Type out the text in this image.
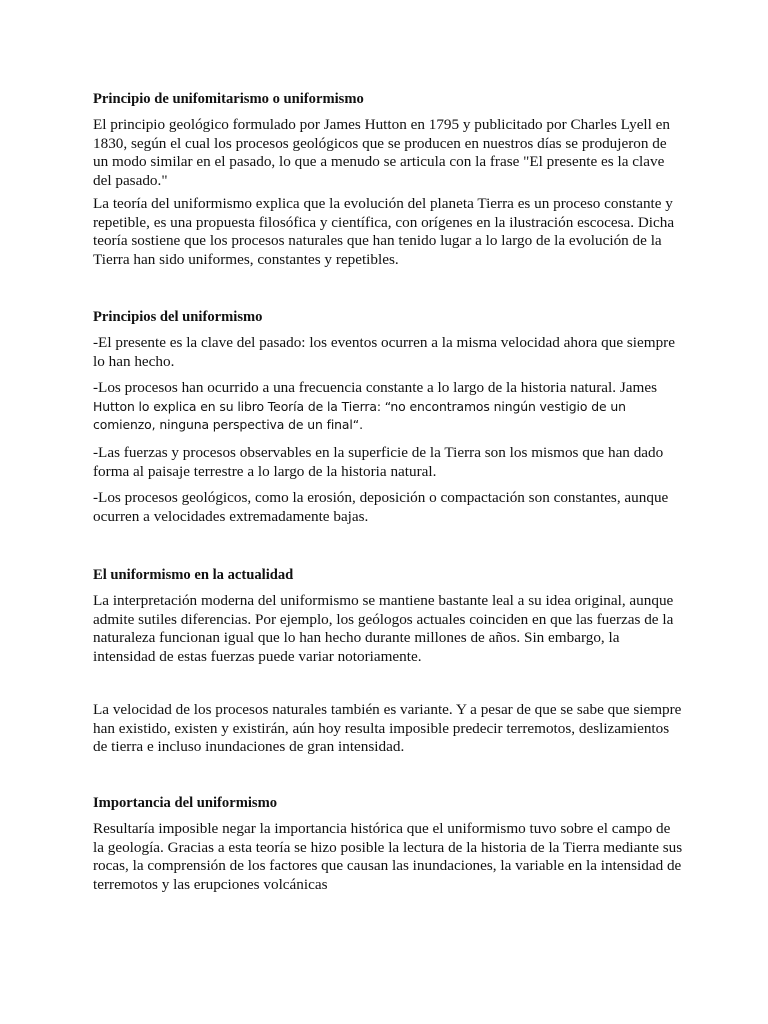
Principio de unifomitarismo o uniformismo

El principio geológico formulado por James Hutton en 1795 y publicitado por Charles Lyell en 1830, según el cual los procesos geológicos que se producen en nuestros días se produjeron de un modo similar en el pasado, lo que a menudo se articula con la frase "El presente es la clave del pasado."

La teoría del uniformismo explica que la evolución del planeta Tierra es un proceso constante y repetible, es una propuesta filosófica y científica, con orígenes en la ilustración escocesa. Dicha teoría sostiene que los procesos naturales que han tenido lugar a lo largo de la evolución de la Tierra han sido uniformes, constantes y repetibles.

Principios del uniformismo

-El presente es la clave del pasado: los eventos ocurren a la misma velocidad ahora que siempre lo han hecho.

-Los procesos han ocurrido a una frecuencia constante a lo largo de la historia natural. James
Hutton lo explica en su libro Teoría de la Tierra: “no encontramos ningún vestigio de un comienzo, ninguna perspectiva de un final“.

-Las fuerzas y procesos observables en la superficie de la Tierra son los mismos que han dado forma al paisaje terrestre a lo largo de la historia natural.

-Los procesos geológicos, como la erosión, deposición o compactación son constantes, aunque ocurren a velocidades extremadamente bajas.

El uniformismo en la actualidad

La interpretación moderna del uniformismo se mantiene bastante leal a su idea original, aunque admite sutiles diferencias. Por ejemplo, los geólogos actuales coinciden en que las fuerzas de la naturaleza funcionan igual que lo han hecho durante millones de años. Sin embargo, la intensidad de estas fuerzas puede variar notoriamente.

La velocidad de los procesos naturales también es variante. Y a pesar de que se sabe que siempre han existido, existen y existirán, aún hoy resulta imposible predecir terremotos, deslizamientos de tierra e incluso inundaciones de gran intensidad.

Importancia del uniformismo

Resultaría imposible negar la importancia histórica que el uniformismo tuvo sobre el campo de la geología. Gracias a esta teoría se hizo posible la lectura de la historia de la Tierra mediante sus rocas, la comprensión de los factores que causan las inundaciones, la variable en la intensidad de terremotos y las erupciones volcánicas
